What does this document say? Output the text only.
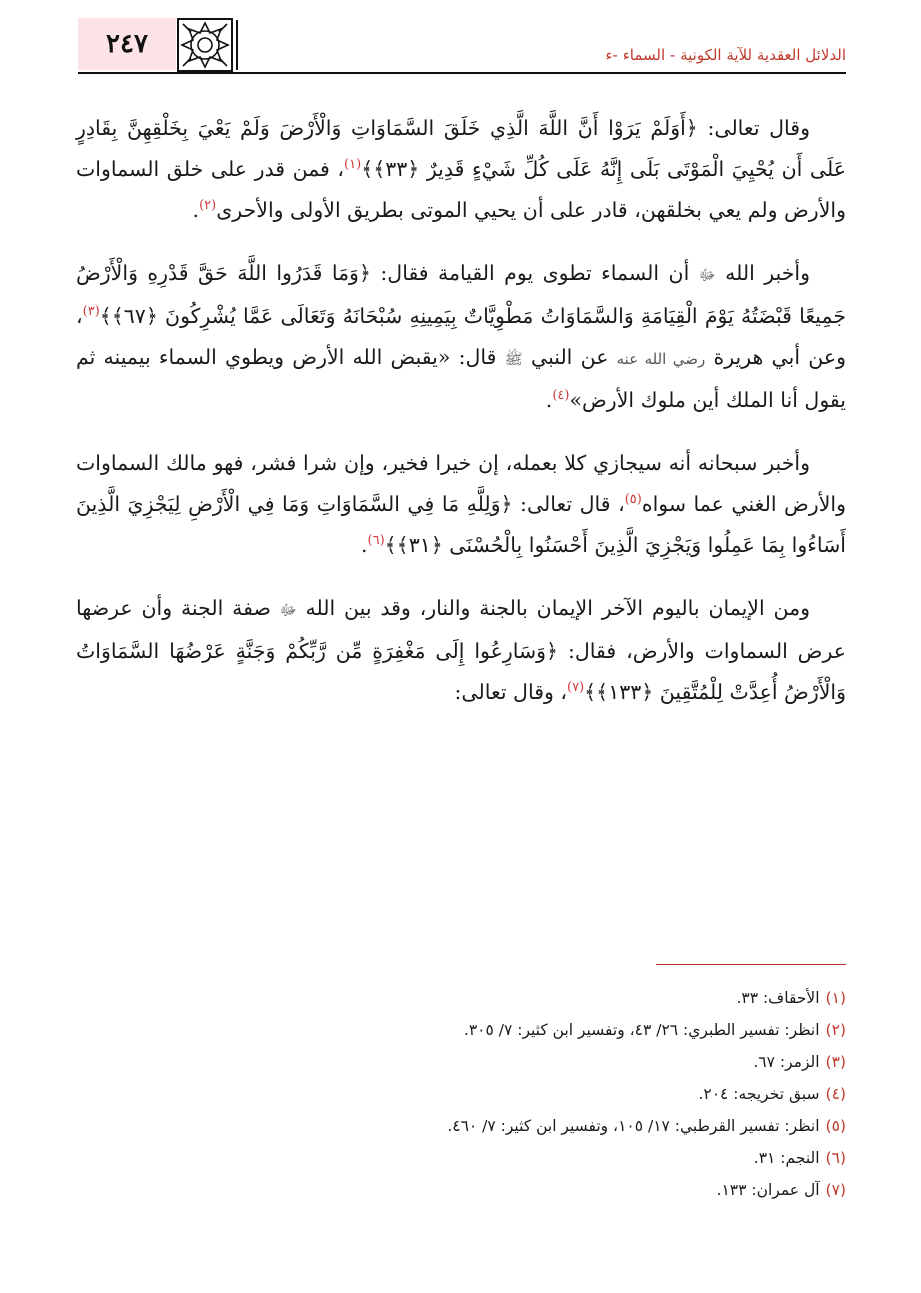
٢٤٧	الدلائل العقدية للآية الكونية - السماء -ء

وقال تعالى: ﴿أَوَلَمْ يَرَوْا أَنَّ اللَّهَ الَّذِي خَلَقَ السَّمَاوَاتِ وَالْأَرْضَ وَلَمْ يَعْيَ بِخَلْقِهِنَّ بِقَادِرٍ عَلَى أَن يُحْيِيَ الْمَوْتَى بَلَى إِنَّهُ عَلَى كُلِّ شَيْءٍ قَدِيرٌ ﴿٣٣﴾﴾$^{(١)}$، فمن قدر على خلق السماوات والأرض ولم يعي بخلقهن، قادر على أن يحيي الموتى بطريق الأولى والأحرى$^{(٢)}$.

وأخبر الله ﷻ أن السماء تطوى يوم القيامة فقال: ﴿وَمَا قَدَرُوا اللَّهَ حَقَّ قَدْرِهِ وَالْأَرْضُ جَمِيعًا قَبْضَتُهُ يَوْمَ الْقِيَامَةِ وَالسَّمَاوَاتُ مَطْوِيَّاتٌ بِيَمِينِهِ سُبْحَانَهُ وَتَعَالَى عَمَّا يُشْرِكُونَ ﴿٦٧﴾﴾$^{(٣)}$، وعن أبي هريرة رضي الله عنه عن النبي ﷺ قال: «يقبض الله الأرض ويطوي السماء بيمينه ثم يقول أنا الملك أين ملوك الأرض»$^{(٤)}$.

وأخبر سبحانه أنه سيجازي كلا بعمله، إن خيرا فخير، وإن شرا فشر، فهو مالك السماوات والأرض الغني عما سواه$^{(٥)}$، قال تعالى: ﴿وَلِلَّهِ مَا فِي السَّمَاوَاتِ وَمَا فِي الْأَرْضِ لِيَجْزِيَ الَّذِينَ أَسَاءُوا بِمَا عَمِلُوا وَيَجْزِيَ الَّذِينَ أَحْسَنُوا بِالْحُسْنَى ﴿٣١﴾﴾$^{(٦)}$.

ومن الإيمان باليوم الآخر الإيمان بالجنة والنار، وقد بين الله ﷻ صفة الجنة وأن عرضها عرض السماوات والأرض، فقال: ﴿وَسَارِعُوا إِلَى مَغْفِرَةٍ مِّن رَّبِّكُمْ وَجَنَّةٍ عَرْضُهَا السَّمَاوَاتُ وَالْأَرْضُ أُعِدَّتْ لِلْمُتَّقِينَ ﴿١٣٣﴾﴾$^{(٧)}$، وقال تعالى:

(١)الأحقاف: ٣٣.
(٢)انظر: تفسير الطبري: ٢٦/ ٤٣، وتفسير ابن كثير: ٧/ ٣٠٥.
(٣)الزمر: ٦٧.
(٤)سبق تخريجه: ٢٠٤.
(٥)انظر: تفسير القرطبي: ١٧/ ١٠٥، وتفسير ابن كثير: ٧/ ٤٦٠.
(٦)النجم: ٣١.
(٧)آل عمران: ١٣٣.
